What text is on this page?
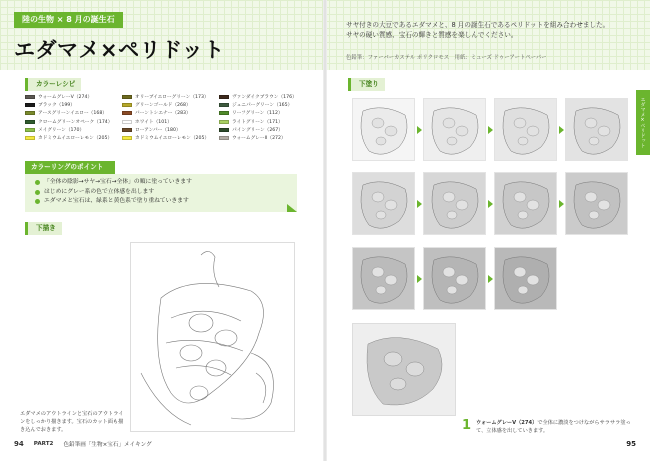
陸の生物 × 8 月の誕生石
エダマメ×ペリドット
サヤ付きの大豆であるエダマメと、8 月の誕生石であるペリドットを組み合わせました。
サヤの硬い質感、宝石の輝きと質感を楽しんでください。
色鉛筆：ファーバーカステル ポリクロモス　用紙：ミューズ ドゥーアートペーパー
カラーレシピ
ウォームグレーV（274）
ブラック（199）
アースグリーンイエロー（168）
クロームグリーンオペーク（174）
メイグリーン（170）
カドミウムイエローレモン（205）
オリーブイエローグリーン（173）
グリーンゴールド（268）
バーントシエナー（283）
ホワイト（101）
ローアンバー（180）
カドミウムイエローレモン（205）
ヴァンダイクブラウン（176）
ジュニパーグリーン（165）
リーフグリーン（112）
ライトグリーン（171）
パイングリーン（267）
ウォームグレーII（272）
カラーリングのポイント
「全体の陰影→サヤ→宝石→全体」の順に塗っていきます
はじめにグレー系の色で立体感を出します
エダマメと宝石は、緑系と黄色系で塗り重ねていきます
下描き
エダマメのアウトラインと宝石のアウトラインをしっかり描きます。宝石のカット面も描き込んでおきます。
下塗り
エダマメ×ペリドット
1 ウォームグレーV（274）で全体に濃淡をつけながらサラサラ塗って、立体感を出していきます。
94 PART2 色鉛筆画「生物×宝石」メイキング	95
